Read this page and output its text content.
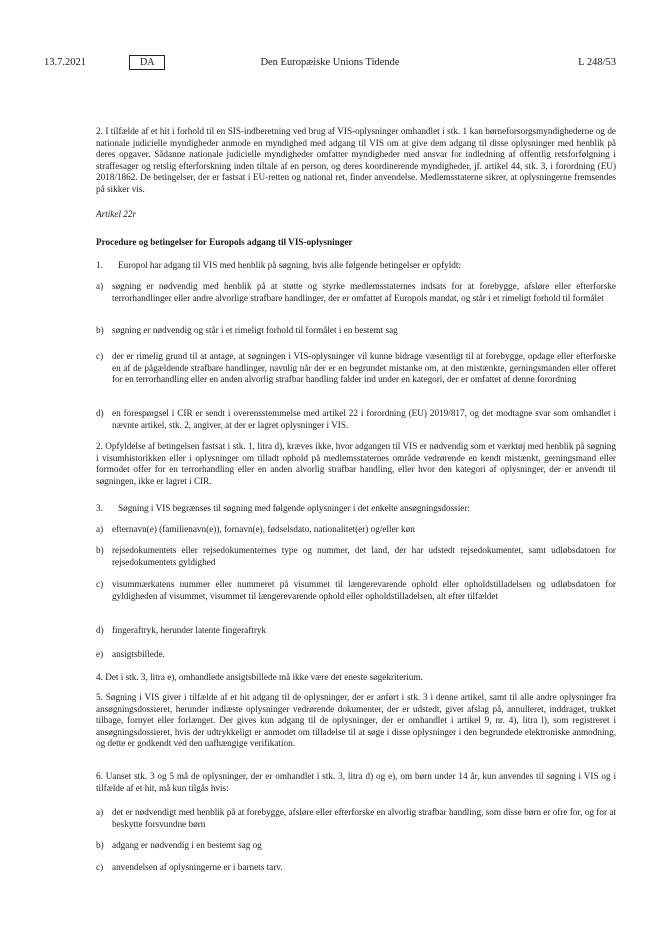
13.7.2021	DA	Den Europæiske Unions Tidende	L 248/53

2. I tilfælde af et hit i forhold til en SIS-indberetning ved brug af VIS-oplysninger omhandlet i stk. 1 kan børneforsorgsmyndighederne og de nationale judicielle myndigheder anmode en myndighed med adgang til VIS om at give dem adgang til disse oplysninger med henblik på deres opgaver. Sådanne nationale judicielle myndigheder omfatter myndigheder med ansvar for indledning af offentlig retsforfølgning i straffesager og retslig efterforskning inden tiltale af en person, og deres koordinerende myndigheder, jf. artikel 44, stk. 3, i forordning (EU) 2018/1862. De betingelser, der er fastsat i EU-retten og national ret, finder anvendelse. Medlemsstaterne sikrer, at oplysningerne fremsendes på sikker vis.

Artikel 22r

Procedure og betingelser for Europols adgang til VIS-oplysninger

1. Europol har adgang til VIS med henblik på søgning, hvis alle følgende betingelser er opfyldt:

a) søgning er nødvendig med henblik på at støtte og styrke medlemsstaternes indsats for at forebygge, afsløre eller efterforske terrorhandlinger eller andre alvorlige strafbare handlinger, der er omfattet af Europols mandat, og står i et rimeligt forhold til formålet

b) søgning er nødvendig og står i et rimeligt forhold til formålet i en bestemt sag

c) der er rimelig grund til at antage, at søgningen i VIS-oplysninger vil kunne bidrage væsentligt til at forebygge, opdage eller efterforske en af de pågældende strafbare handlinger, navnlig når der er en begrundet mistanke om, at den mistænkte, gerningsmanden eller offeret for en terrorhandling eller en anden alvorlig strafbar handling falder ind under en kategori, der er omfattet af denne forordning

d) en forespørgsel i CIR er sendt i overensstemmelse med artikel 22 i forordning (EU) 2019/817, og det modtagne svar som omhandlet i nævnte artikel, stk. 2, angiver, at der er lagret oplysninger i VIS.

2. Opfyldelse af betingelsen fastsat i stk. 1, litra d), kræves ikke, hvor adgangen til VIS er nødvendig som et værktøj med henblik på søgning i visumhistorikken eller i oplysninger om tilladt ophold på medlemsstaternes område vedrørende en kendt mistænkt, gerningsmand eller formodet offer for en terrorhandling eller en anden alvorlig strafbar handling, eller hvor den kategori af oplysninger, der er anvendt til søgningen, ikke er lagret i CIR.

3. Søgning i VIS begrænses til søgning med følgende oplysninger i det enkelte ansøgningsdossier:

a) efternavn(e) (familienavn(e)), fornavn(e), fødselsdato, nationalitet(er) og/eller køn

b) rejsedokumentets eller rejsedokumenternes type og nummer, det land, der har udstedt rejsedokumentet, samt udløbsdatoen for rejsedokumentets gyldighed

c) visummærkatens nummer eller nummeret på visummet til længerevarende ophold eller opholdstilladelsen og udløbsdatoen for gyldigheden af visummet, visummet til længerevarende ophold eller opholdstilladelsen, alt efter tilfældet

d) fingeraftryk, herunder latente fingeraftryk

e) ansigtsbillede.

4. Det i stk. 3, litra e), omhandlede ansigtsbillede må ikke være det eneste søgekriterium.

5. Søgning i VIS giver i tilfælde af et hit adgang til de oplysninger, der er anført i stk. 3 i denne artikel, samt til alle andre oplysninger fra ansøgningsdossieret, herunder indlæste oplysninger vedrørende dokumenter, der er udstedt, givet afslag på, annulleret, inddraget, trukket tilbage, fornyet eller forlænget. Der gives kun adgang til de oplysninger, der er omhandlet i artikel 9, nr. 4), litra l), som registreret i ansøgningsdossieret, hvis der udtrykkeligt er anmodet om tilladelse til at søge i disse oplysninger i den begrundede elektroniske anmodning, og dette er godkendt ved den uafhængige verifikation.

6. Uanset stk. 3 og 5 må de oplysninger, der er omhandlet i stk. 3, litra d) og e), om børn under 14 år, kun anvendes til søgning i VIS og i tilfælde af et hit, må kun tilgås hvis:

a) det er nødvendigt med henblik på at forebygge, afsløre eller efterforske en alvorlig strafbar handling, som disse børn er ofre for, og for at beskytte forsvundne børn

b) adgang er nødvendig i en bestemt sag og

c) anvendelsen af oplysningerne er i barnets tarv.
